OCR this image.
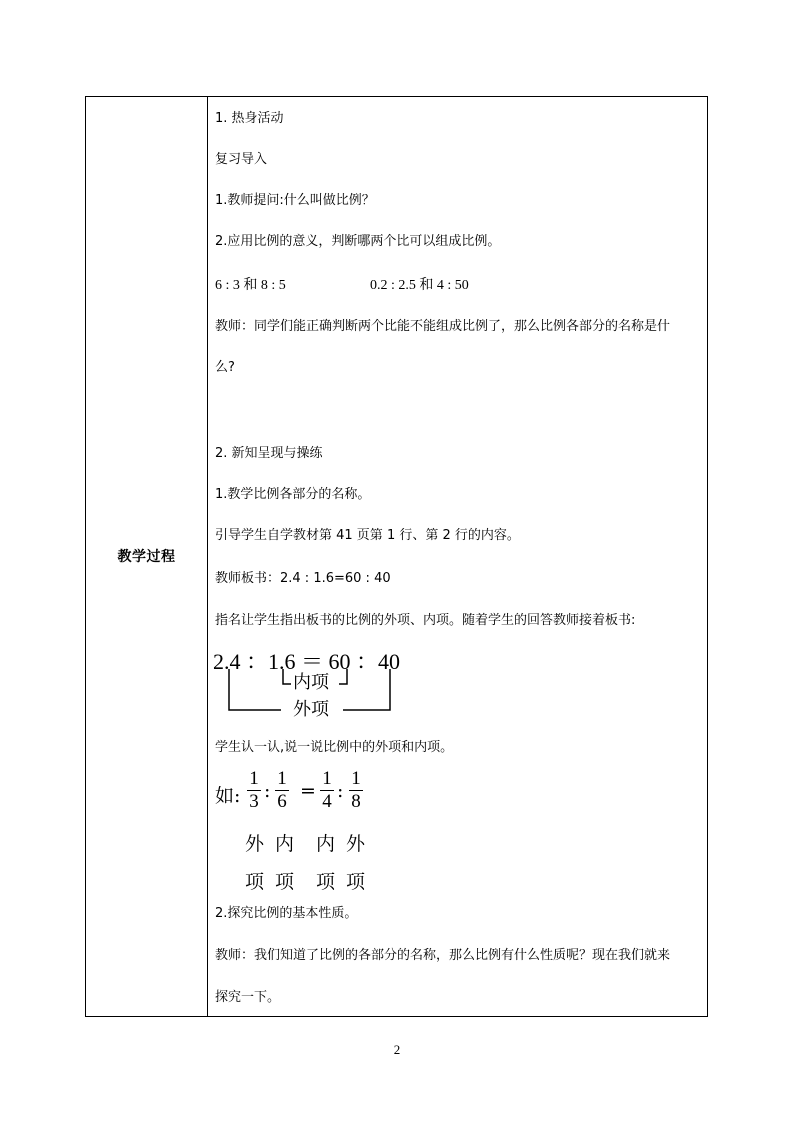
教学过程
1. 热身活动
复习导入
1.教师提问:什么叫做比例？
2.应用比例的意义，判断哪两个比可以组成比例。
6 : 3 和 8 : 5	0.2 : 2.5 和 4 : 50
教师：同学们能正确判断两个比能不能组成比例了，那么比例各部分的名称是什
么?
2. 新知呈现与操练
1.教学比例各部分的名称。
引导学生自学教材第 41 页第 1 行、第 2 行的内容。
教师板书：2.4 : 1.6=60 : 40
指名让学生指出板书的比例的外项、内项。随着学生的回答教师接着板书:
2.4 ：1.6 ＝ 60 ：40
内项
外项
学生认一认,说一说比例中的外项和内项。
如:
1
3 :
1
6 =
1
4 :
1
8
外 内 内 外
项 项 项 项
2.探究比例的基本性质。
教师：我们知道了比例的各部分的名称，那么比例有什么性质呢？现在我们就来
探究一下。
2
